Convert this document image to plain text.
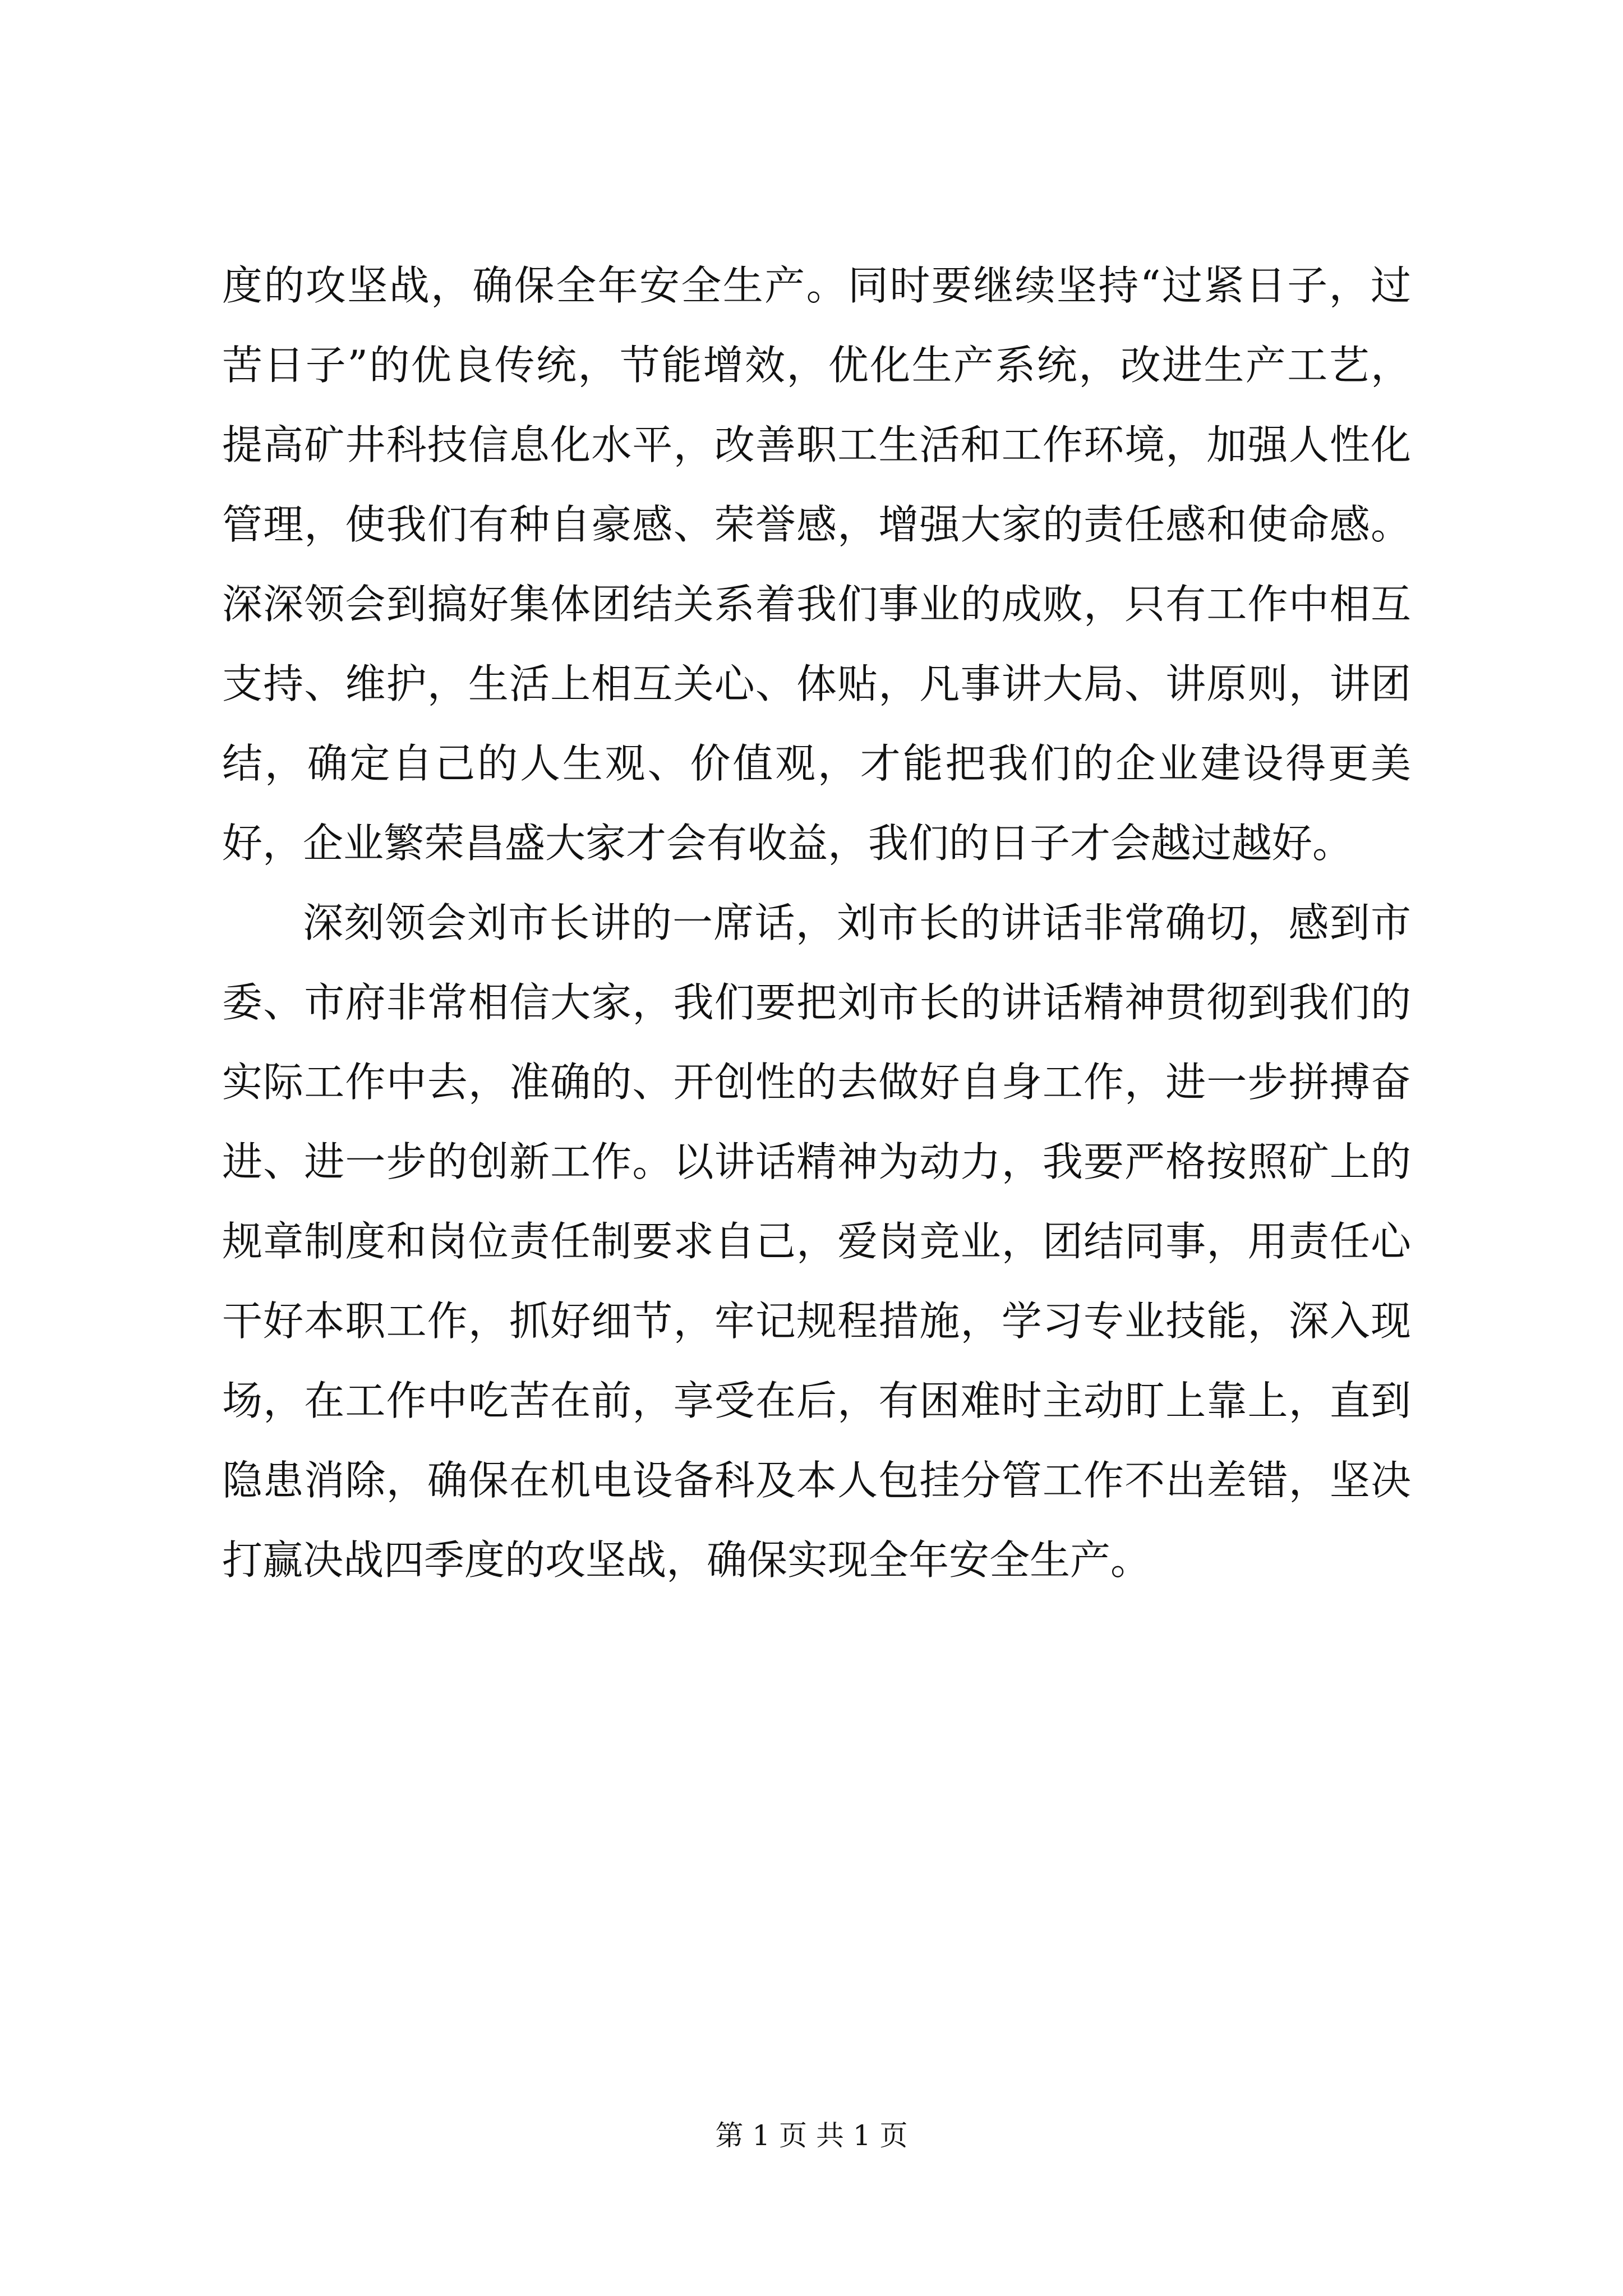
度的攻坚战，确保全年安全生产。同时要继续坚持“过紧日子，过苦日子”的优良传统，节能增效，优化生产系统，改进生产工艺，提高矿井科技信息化水平，改善职工生活和工作环境，加强人性化管理，使我们有种自豪感、荣誉感，增强大家的责任感和使命感。深深领会到搞好集体团结关系着我们事业的成败，只有工作中相互支持、维护，生活上相互关心、体贴，凡事讲大局、讲原则，讲团结，确定自己的人生观、价值观，才能把我们的企业建设得更美好，企业繁荣昌盛大家才会有收益，我们的日子才会越过越好。

深刻领会刘市长讲的一席话，刘市长的讲话非常确切，感到市委、市府非常相信大家，我们要把刘市长的讲话精神贯彻到我们的实际工作中去，准确的、开创性的去做好自身工作，进一步拼搏奋进、进一步的创新工作。以讲话精神为动力，我要严格按照矿上的规章制度和岗位责任制要求自己，爱岗竞业，团结同事，用责任心干好本职工作，抓好细节，牢记规程措施，学习专业技能，深入现场，在工作中吃苦在前，享受在后，有困难时主动盯上靠上，直到隐患消除，确保在机电设备科及本人包挂分管工作不出差错，坚决打赢决战四季度的攻坚战，确保实现全年安全生产。

第 1 页 共 1 页
